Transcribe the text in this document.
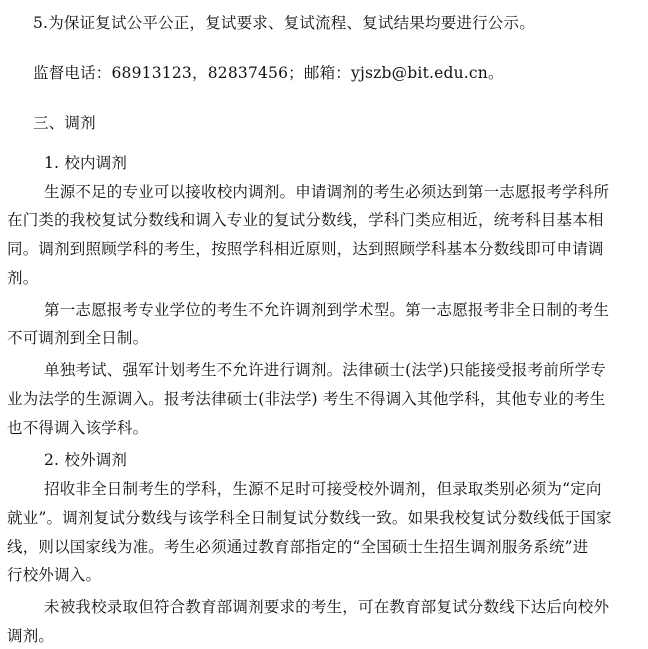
5.为保证复试公平公正，复试要求、复试流程、复试结果均要进行公示。
监督电话：68913123，82837456；邮箱：yjszb@bit.edu.cn。
三、调剂
1. 校内调剂
生源不足的专业可以接收校内调剂。申请调剂的考生必须达到第一志愿报考学科所
在门类的我校复试分数线和调入专业的复试分数线，学科门类应相近，统考科目基本相
同。调剂到照顾学科的考生，按照学科相近原则，达到照顾学科基本分数线即可申请调
剂。
第一志愿报考专业学位的考生不允许调剂到学术型。第一志愿报考非全日制的考生
不可调剂到全日制。
单独考试、强军计划考生不允许进行调剂。法律硕士(法学)只能接受报考前所学专
业为法学的生源调入。报考法律硕士(非法学) 考生不得调入其他学科，其他专业的考生
也不得调入该学科。
2. 校外调剂
招收非全日制考生的学科，生源不足时可接受校外调剂，但录取类别必须为“定向
就业”。调剂复试分数线与该学科全日制复试分数线一致。如果我校复试分数线低于国家
线，则以国家线为准。考生必须通过教育部指定的“全国硕士生招生调剂服务系统”进
行校外调入。
未被我校录取但符合教育部调剂要求的考生，可在教育部复试分数线下达后向校外
调剂。
